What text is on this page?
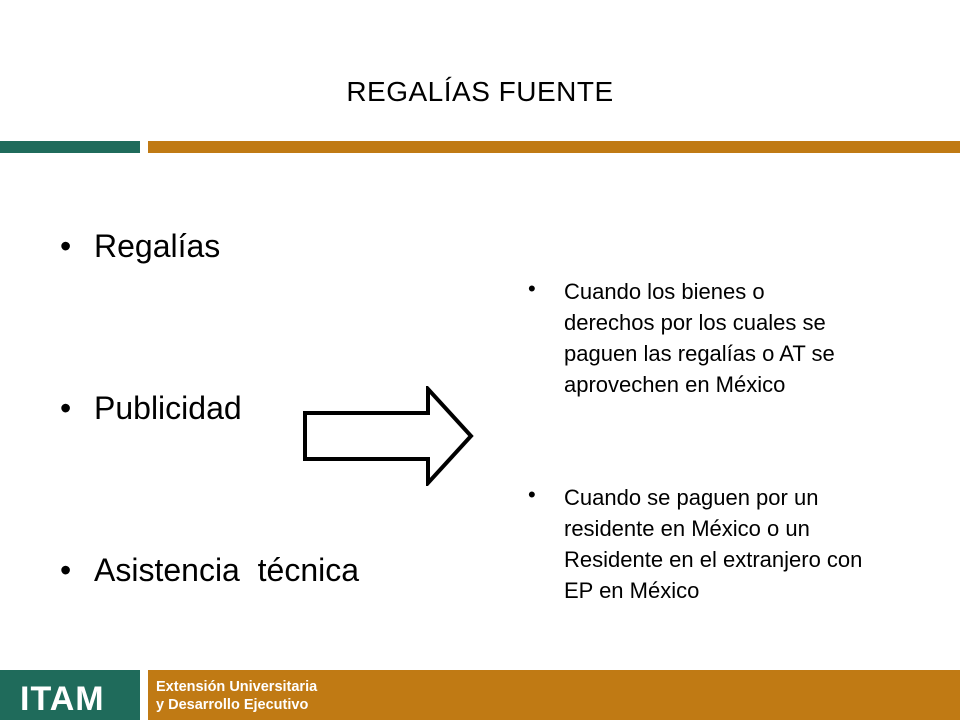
REGALÍAS FUENTE
• Regalías
• Publicidad
• Asistencia  técnica
• Cuando los bienes o derechos por los cuales se paguen las regalías o AT se aprovechen en México
• Cuando se paguen por un residente en México o un Residente en el extranjero con EP en México
ITAM	Extensión Universitaria
y Desarrollo Ejecutivo
